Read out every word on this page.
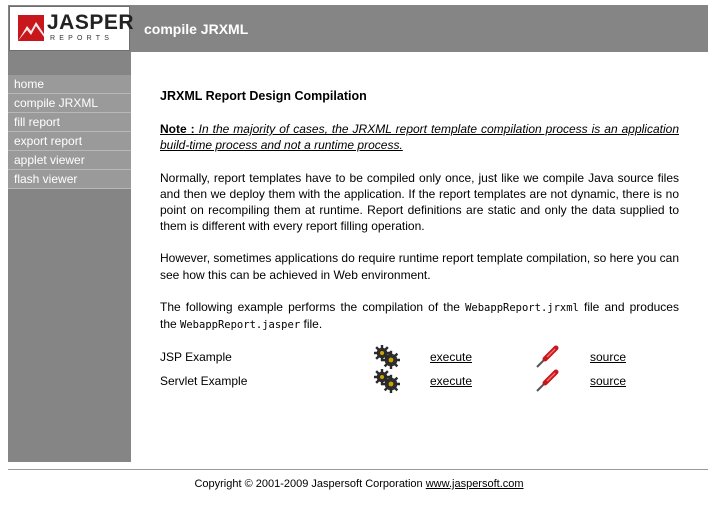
JASPER
REPORTS
compile JRXML
home
compile JRXML
fill report
export report
applet viewer
flash viewer
JRXML Report Design Compilation

Note : In the majority of cases, the JRXML report template compilation process is an application build-time process and not a runtime process.

Normally, report templates have to be compiled only once, just like we compile Java source files and then we deploy them with the application. If the report templates are not dynamic, there is no point on recompiling them at runtime. Report definitions are static and only the data supplied to them is different with every report filling operation.

However, sometimes applications do require runtime report template compilation, so here you can see how this can be achieved in Web environment.

The following example performs the compilation of the WebappReport.jrxml file and produces the WebappReport.jasper file.

JSP Example	execute	source
Servlet Example	execute	source
Copyright © 2001-2009 Jaspersoft Corporation www.jaspersoft.com
